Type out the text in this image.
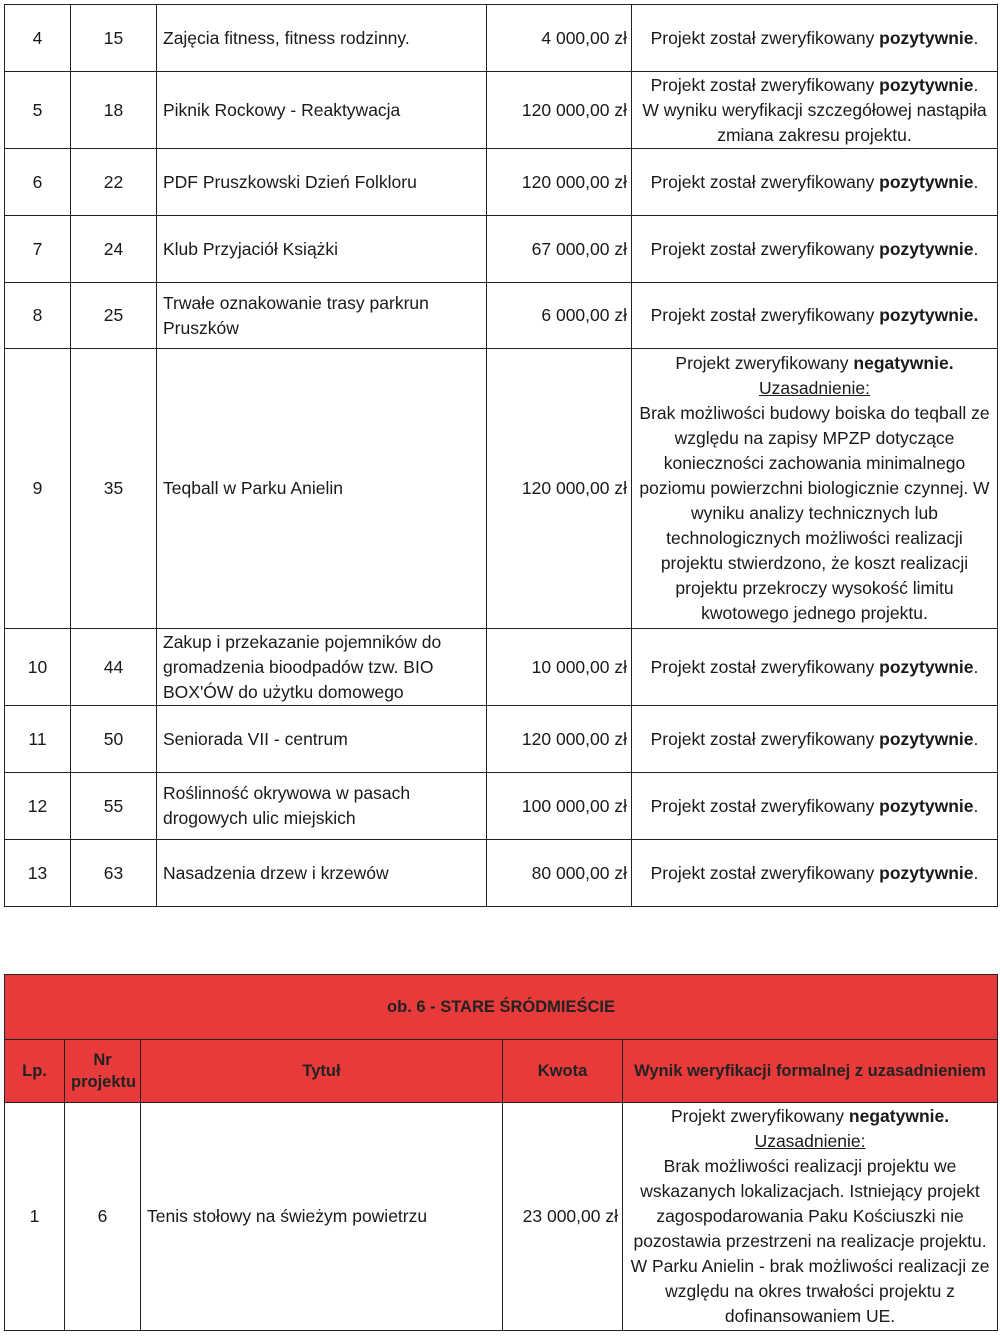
4	15	Zajęcia fitness, fitness rodzinny.	4 000,00 zł	Projekt został zweryfikowany pozytywnie.
5	18	Piknik Rockowy - Reaktywacja	120 000,00 zł	Projekt został zweryfikowany pozytywnie.
W wyniku weryfikacji szczegółowej nastąpiła zmiana zakresu projektu.
6	22	PDF Pruszkowski Dzień Folkloru	120 000,00 zł	Projekt został zweryfikowany pozytywnie.
7	24	Klub Przyjaciół Książki	67 000,00 zł	Projekt został zweryfikowany pozytywnie.
8	25	Trwałe oznakowanie trasy parkrun Pruszków	6 000,00 zł	Projekt został zweryfikowany pozytywnie.
9	35	Teqball w Parku Anielin	120 000,00 zł	Projekt zweryfikowany negatywnie.
Uzasadnienie:
Brak możliwości budowy boiska do teqball ze względu na zapisy MPZP dotyczące konieczności zachowania minimalnego poziomu powierzchni biologicznie czynnej. W wyniku analizy technicznych lub technologicznych możliwości realizacji projektu stwierdzono, że koszt realizacji projektu przekroczy wysokość limitu kwotowego jednego projektu.
10	44	Zakup i przekazanie pojemników do gromadzenia bioodpadów tzw. BIO BOX'ÓW do użytku domowego	10 000,00 zł	Projekt został zweryfikowany pozytywnie.
11	50	Seniorada VII - centrum	120 000,00 zł	Projekt został zweryfikowany pozytywnie.
12	55	Roślinność okrywowa w pasach drogowych ulic miejskich	100 000,00 zł	Projekt został zweryfikowany pozytywnie.
13	63	Nasadzenia drzew i krzewów	80 000,00 zł	Projekt został zweryfikowany pozytywnie.
ob. 6 - STARE ŚRÓDMIEŚCIE				
Lp.	Nr projektu	Tytuł	Kwota	Wynik weryfikacji formalnej z uzasadnieniem
1	6	Tenis stołowy na świeżym powietrzu	23 000,00 zł	Projekt zweryfikowany negatywnie.
Uzasadnienie:
Brak możliwości realizacji projektu we wskazanych lokalizacjach. Istniejący projekt zagospodarowania Paku Kościuszki nie pozostawia przestrzeni na realizacje projektu. W Parku Anielin - brak możliwości realizacji ze względu na okres trwałości projektu z dofinansowaniem UE.
